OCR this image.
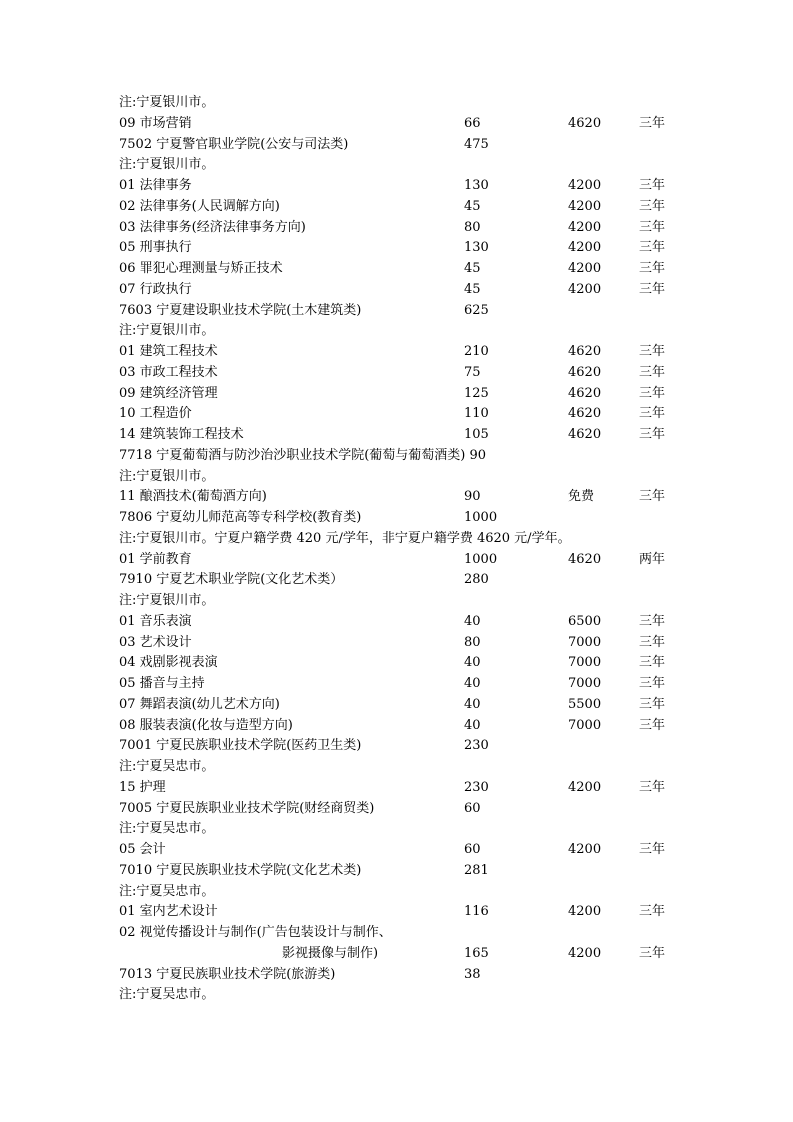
注:宁夏银川市。
09 市场营销	66	4620	三年
7502 宁夏警官职业学院(公安与司法类)	475
注:宁夏银川市。
01 法律事务	130	4200	三年
02 法律事务(人民调解方向)	45	4200	三年
03 法律事务(经济法律事务方向)	80	4200	三年
05 刑事执行	130	4200	三年
06 罪犯心理测量与矫正技术	45	4200	三年
07 行政执行	45	4200	三年
7603 宁夏建设职业技术学院(土木建筑类)	625
注:宁夏银川市。
01 建筑工程技术	210	4620	三年
03 市政工程技术	75	4620	三年
09 建筑经济管理	125	4620	三年
10 工程造价	110	4620	三年
14 建筑装饰工程技术	105	4620	三年
7718 宁夏葡萄酒与防沙治沙职业技术学院(葡萄与葡萄酒类) 90
注:宁夏银川市。
11 酿酒技术(葡萄酒方向)	90	免费	三年
7806 宁夏幼儿师范高等专科学校(教育类)	1000
注:宁夏银川市。宁夏户籍学费 420 元/学年，非宁夏户籍学费 4620 元/学年。
01 学前教育	1000	4620	两年
7910 宁夏艺术职业学院(文化艺术类）	280
注:宁夏银川市。
01 音乐表演	40	6500	三年
03 艺术设计	80	7000	三年
04 戏剧影视表演	40	7000	三年
05 播音与主持	40	7000	三年
07 舞蹈表演(幼儿艺术方向)	40	5500	三年
08 服装表演(化妆与造型方向)	40	7000	三年
7001 宁夏民族职业技术学院(医药卫生类)	230
注:宁夏吴忠市。
15 护理	230	4200	三年
7005 宁夏民族职业业技术学院(财经商贸类)	60
注:宁夏吴忠市。
05 会计	60	4200	三年
7010 宁夏民族职业技术学院(文化艺术类)	281
注:宁夏吴忠市。
01 室内艺术设计	116	4200	三年
02 视觉传播设计与制作(广告包装设计与制作、
影视摄像与制作)	165	4200	三年
7013 宁夏民族职业技术学院(旅游类)	38
注:宁夏吴忠市。
